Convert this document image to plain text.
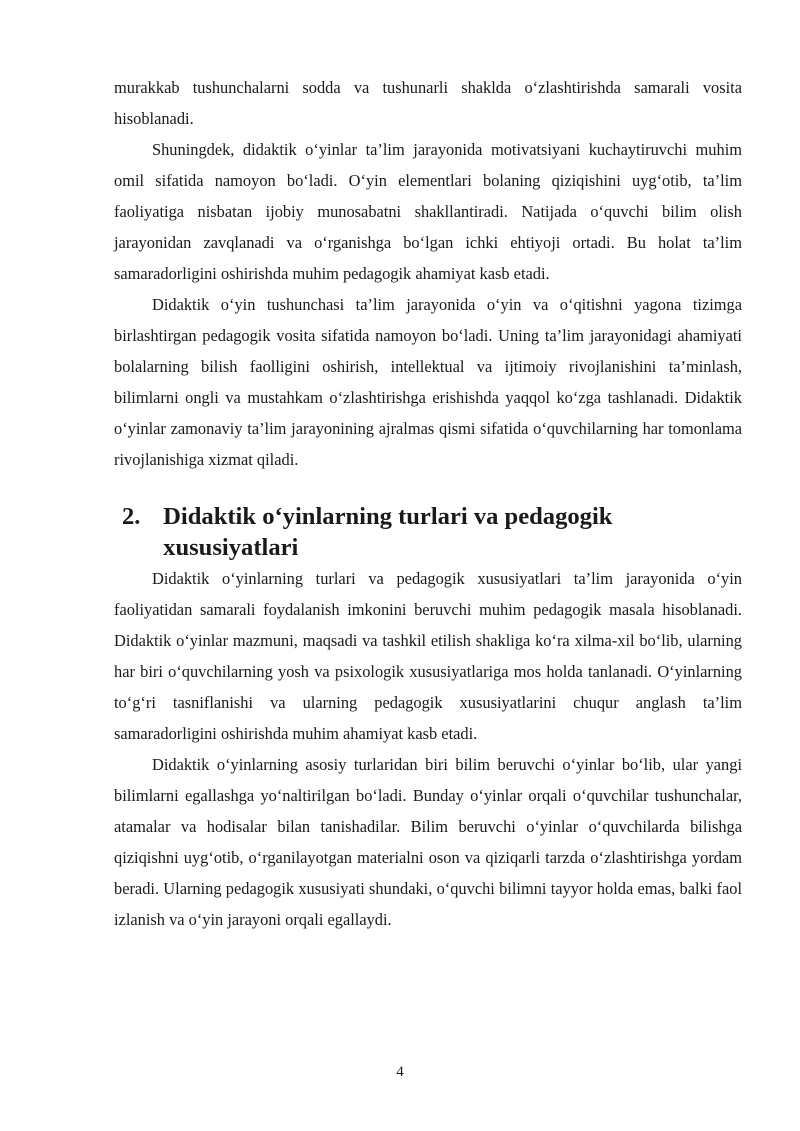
murakkab tushunchalarni sodda va tushunarli shaklda o‘zlashtirishda samarali vosita hisoblanadi.

Shuningdek, didaktik o‘yinlar ta’lim jarayonida motivatsiyani kuchaytiruvchi muhim omil sifatida namoyon bo‘ladi. O‘yin elementlari bolaning qiziqishini uyg‘otib, ta’lim faoliyatiga nisbatan ijobiy munosabatni shakllantiradi. Natijada o‘quvchi bilim olish jarayonidan zavqlanadi va o‘rganishga bo‘lgan ichki ehtiyoji ortadi. Bu holat ta’lim samaradorligini oshirishda muhim pedagogik ahamiyat kasb etadi.

Didaktik o‘yin tushunchasi ta’lim jarayonida o‘yin va o‘qitishni yagona tizimga birlashtirgan pedagogik vosita sifatida namoyon bo‘ladi. Uning ta’lim jarayonidagi ahamiyati bolalarning bilish faolligini oshirish, intellektual va ijtimoiy rivojlanishini ta’minlash, bilimlarni ongli va mustahkam o‘zlashtirishga erishishda yaqqol ko‘zga tashlanadi. Didaktik o‘yinlar zamonaviy ta’lim jarayonining ajralmas qismi sifatida o‘quvchilarning har tomonlama rivojlanishiga xizmat qiladi.

2. Didaktik o‘yinlarning turlari va pedagogik xususiyatlari

Didaktik o‘yinlarning turlari va pedagogik xususiyatlari ta’lim jarayonida o‘yin faoliyatidan samarali foydalanish imkonini beruvchi muhim pedagogik masala hisoblanadi. Didaktik o‘yinlar mazmuni, maqsadi va tashkil etilish shakliga ko‘ra xilma-xil bo‘lib, ularning har biri o‘quvchilarning yosh va psixologik xususiyatlariga mos holda tanlanadi. O‘yinlarning to‘g‘ri tasniflanishi va ularning pedagogik xususiyatlarini chuqur anglash ta’lim samaradorligini oshirishda muhim ahamiyat kasb etadi.

Didaktik o‘yinlarning asosiy turlaridan biri bilim beruvchi o‘yinlar bo‘lib, ular yangi bilimlarni egallashga yo‘naltirilgan bo‘ladi. Bunday o‘yinlar orqali o‘quvchilar tushunchalar, atamalar va hodisalar bilan tanishadilar. Bilim beruvchi o‘yinlar o‘quvchilarda bilishga qiziqishni uyg‘otib, o‘rganilayotgan materialni oson va qiziqarli tarzda o‘zlashtirishga yordam beradi. Ularning pedagogik xususiyati shundaki, o‘quvchi bilimni tayyor holda emas, balki faol izlanish va o‘yin jarayoni orqali egallaydi.

4
